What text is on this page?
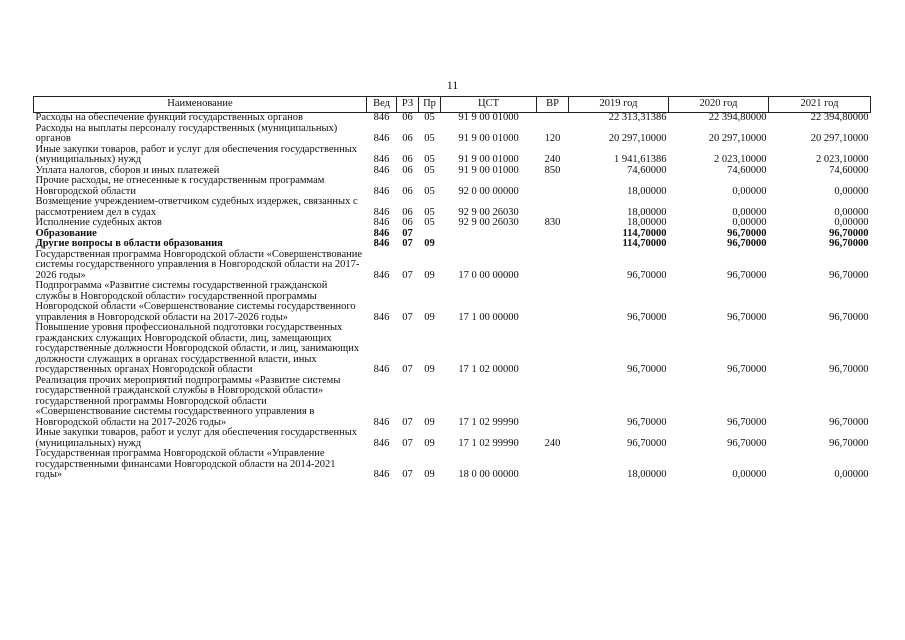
11
Наименование	Вед	РЗ	Пр	ЦСТ	ВР	2019 год	2020 год	2021 год
Расходы на обеспечение функций государственных органов	846	06	05	91 9 00 01000		22 313,31386	22 394,80000	22 394,80000
Расходы на выплаты персоналу государственных (муниципальных) органов	846	06	05	91 9 00 01000	120	20 297,10000	20 297,10000	20 297,10000
Иные закупки товаров, работ и услуг для обеспечения государственных (муниципальных) нужд	846	06	05	91 9 00 01000	240	1 941,61386	2 023,10000	2 023,10000
Уплата налогов, сборов и иных платежей	846	06	05	91 9 00 01000	850	74,60000	74,60000	74,60000
Прочие расходы, не отнесенные к государственным программам Новгородской области	846	06	05	92 0 00 00000		18,00000	0,00000	0,00000
Возмещение учреждением-ответчиком судебных издержек, связанных с рассмотрением дел в судах	846	06	05	92 9 00 26030		18,00000	0,00000	0,00000
Исполнение судебных актов	846	06	05	92 9 00 26030	830	18,00000	0,00000	0,00000
Образование	846	07				114,70000	96,70000	96,70000
Другие вопросы в области образования	846	07	09			114,70000	96,70000	96,70000
Государственная программа Новгородской области «Совершенствование системы государственного управления в Новгородской области на 2017-2026 годы»	846	07	09	17 0 00 00000		96,70000	96,70000	96,70000
Подпрограмма «Развитие системы государственной гражданской службы в Новгородской области» государственной программы Новгородской области «Совершенствование системы государственного управления в Новгородской области на 2017-2026 годы»	846	07	09	17 1 00 00000		96,70000	96,70000	96,70000
Повышение уровня профессиональной подготовки государственных гражданских служащих Новгородской области, лиц, замещающих государственные должности Новгородской области, и лиц, занимающих должности служащих в органах государственной власти, иных государственных органах Новгородской области	846	07	09	17 1 02 00000		96,70000	96,70000	96,70000
Реализация прочих мероприятий подпрограммы «Развитие системы государственной гражданской службы в Новгородской области» государственной программы Новгородской области «Совершенствование системы государственного управления в Новгородской области на 2017-2026 годы»	846	07	09	17 1 02 99990		96,70000	96,70000	96,70000
Иные закупки товаров, работ и услуг для обеспечения государственных (муниципальных) нужд	846	07	09	17 1 02 99990	240	96,70000	96,70000	96,70000
Государственная программа Новгородской области «Управление государственными финансами Новгородской области на 2014-2021 годы»	846	07	09	18 0 00 00000		18,00000	0,00000	0,00000
